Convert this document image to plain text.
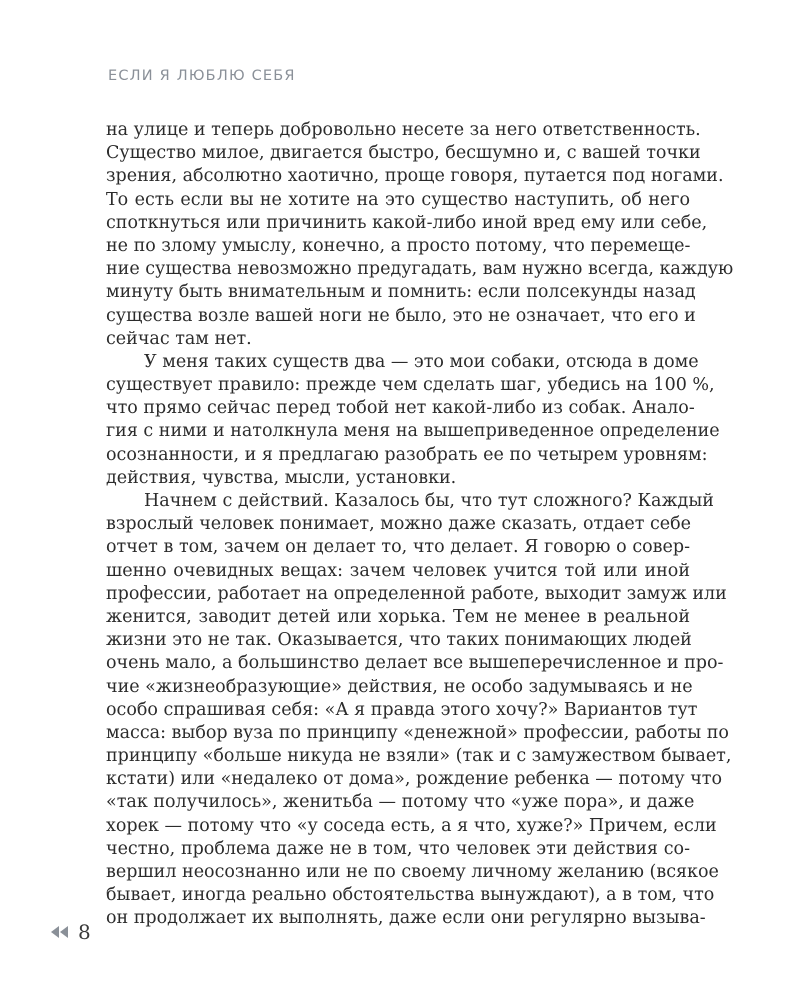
ЕСЛИ Я ЛЮБЛЮ СЕБЯ
на улице и теперь добровольно несете за него ответственность.
Существо милое, двигается быстро, бесшумно и, с вашей точки
зрения, абсолютно хаотично, проще говоря, путается под ногами.
То есть если вы не хотите на это существо наступить, об него
споткнуться или причинить какой-либо иной вред ему или себе,
не по злому умыслу, конечно, а просто потому, что перемеще-
ние существа невозможно предугадать, вам нужно всегда, каждую
минуту быть внимательным и помнить: если полсекунды назад
существа возле вашей ноги не было, это не означает, что его и
сейчас там нет.
У меня таких существ два — это мои собаки, отсюда в доме
существует правило: прежде чем сделать шаг, убедись на 100 %,
что прямо сейчас перед тобой нет какой-либо из собак. Анало-
гия с ними и натолкнула меня на вышеприведенное определение
осознанности, и я предлагаю разобрать ее по четырем уровням:
действия, чувства, мысли, установки.
Начнем с действий. Казалось бы, что тут сложного? Каждый
взрослый человек понимает, можно даже сказать, отдает себе
отчет в том, зачем он делает то, что делает. Я говорю о совер-
шенно очевидных вещах: зачем человек учится той или иной
профессии, работает на определенной работе, выходит замуж или
женится, заводит детей или хорька. Тем не менее в реальной
жизни это не так. Оказывается, что таких понимающих людей
очень мало, а большинство делает все вышеперечисленное и про-
чие «жизнеобразующие» действия, не особо задумываясь и не
особо спрашивая себя: «А я правда этого хочу?» Вариантов тут
масса: выбор вуза по принципу «денежной» профессии, работы по
принципу «больше никуда не взяли» (так и с замужеством бывает,
кстати) или «недалеко от дома», рождение ребенка — потому что
«так получилось», женитьба — потому что «уже пора», и даже
хорек — потому что «у соседа есть, а я что, хуже?» Причем, если
честно, проблема даже не в том, что человек эти действия со-
вершил неосознанно или не по своему личному желанию (всякое
бывает, иногда реально обстоятельства вынуждают), а в том, что
он продолжает их выполнять, даже если они регулярно вызыва-
8
